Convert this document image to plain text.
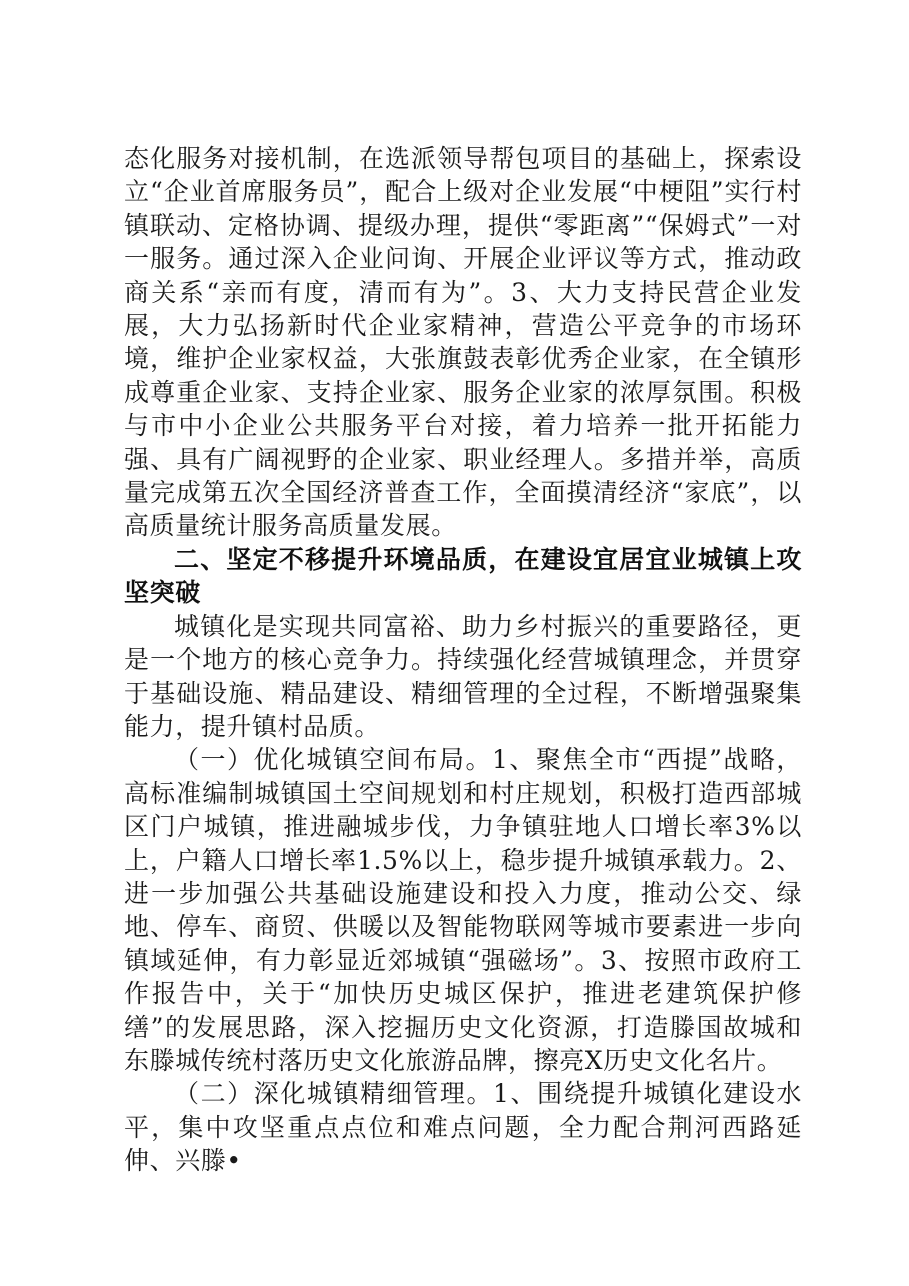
态化服务对接机制，在选派领导帮包项目的基础上，探索设立“企业首席服务员”，配合上级对企业发展“中梗阻”实行村镇联动、定格协调、提级办理，提供“零距离”“保姆式”一对一服务。通过深入企业问询、开展企业评议等方式，推动政商关系“亲而有度，清而有为”。3、大力支持民营企业发展，大力弘扬新时代企业家精神，营造公平竞争的市场环境，维护企业家权益，大张旗鼓表彰优秀企业家，在全镇形成尊重企业家、支持企业家、服务企业家的浓厚氛围。积极与市中小企业公共服务平台对接，着力培养一批开拓能力强、具有广阔视野的企业家、职业经理人。多措并举，高质量完成第五次全国经济普查工作，全面摸清经济“家底”，以高质量统计服务高质量发展。

二、坚定不移提升环境品质，在建设宜居宜业城镇上攻坚突破

城镇化是实现共同富裕、助力乡村振兴的重要路径，更是一个地方的核心竞争力。持续强化经营城镇理念，并贯穿于基础设施、精品建设、精细管理的全过程，不断增强聚集能力，提升镇村品质。

（一）优化城镇空间布局。1、聚焦全市“西提”战略，高标准编制城镇国土空间规划和村庄规划，积极打造西部城区门户城镇，推进融城步伐，力争镇驻地人口增长率3%以上，户籍人口增长率1.5%以上，稳步提升城镇承载力。2、进一步加强公共基础设施建设和投入力度，推动公交、绿地、停车、商贸、供暖以及智能物联网等城市要素进一步向镇域延伸，有力彰显近郊城镇“强磁场”。3、按照市政府工作报告中，关于“加快历史城区保护，推进老建筑保护修缮”的发展思路，深入挖掘历史文化资源，打造滕国故城和东滕城传统村落历史文化旅游品牌，擦亮X历史文化名片。

（二）深化城镇精细管理。1、围绕提升城镇化建设水平，集中攻坚重点点位和难点问题，全力配合荆河西路延伸、兴滕•
